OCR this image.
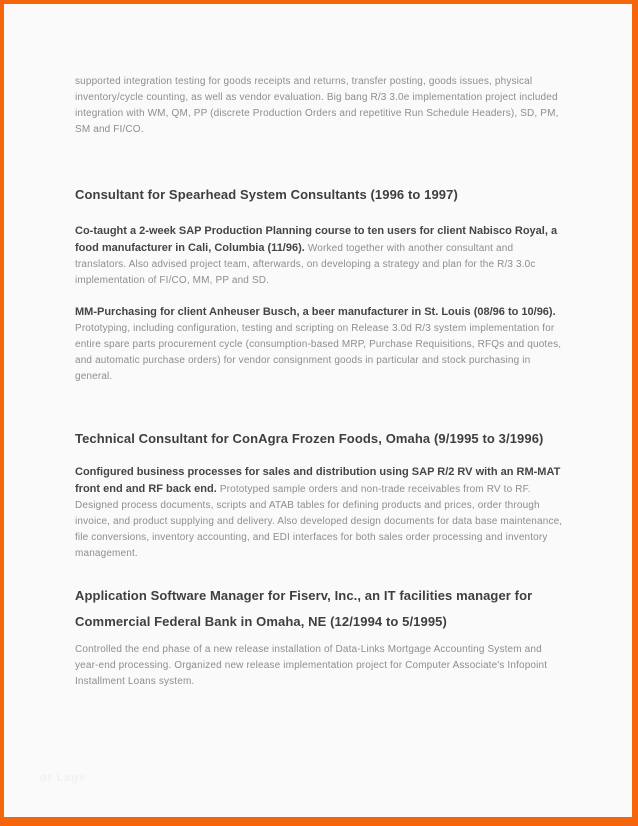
supported integration testing for goods receipts and returns, transfer posting, goods issues, physical inventory/cycle counting, as well as vendor evaluation. Big bang R/3 3.0e implementation project included integration with WM, QM, PP (discrete Production Orders and repetitive Run Schedule Headers), SD, PM, SM and FI/CO.

Consultant for Spearhead System Consultants (1996 to 1997)

Co-taught a 2-week SAP Production Planning course to ten users for client Nabisco Royal, a food manufacturer in Cali, Columbia (11/96). Worked together with another consultant and translators. Also advised project team, afterwards, on developing a strategy and plan for the R/3 3.0c implementation of FI/CO, MM, PP and SD.

MM-Purchasing for client Anheuser Busch, a beer manufacturer in St. Louis (08/96 to 10/96). Prototyping, including configuration, testing and scripting on Release 3.0d R/3 system implementation for entire spare parts procurement cycle (consumption-based MRP, Purchase Requisitions, RFQs and quotes, and automatic purchase orders) for vendor consignment goods in particular and stock purchasing in general.

Technical Consultant for ConAgra Frozen Foods, Omaha (9/1995 to 3/1996)

Configured business processes for sales and distribution using SAP R/2 RV with an RM-MAT front end and RF back end. Prototyped sample orders and non-trade receivables from RV to RF. Designed process documents, scripts and ATAB tables for defining products and prices, order through invoice, and product supplying and delivery. Also developed design documents for data base maintenance, file conversions, inventory accounting, and EDI interfaces for both sales order processing and inventory management.

Application Software Manager for Fiserv, Inc., an IT facilities manager for Commercial Federal Bank in Omaha, NE (12/1994 to 5/1995)

Controlled the end phase of a new release installation of Data-Links Mortgage Accounting System and year-end processing. Organized new release implementation project for Computer Associate's Infopoint Installment Loans system.

of Lage
